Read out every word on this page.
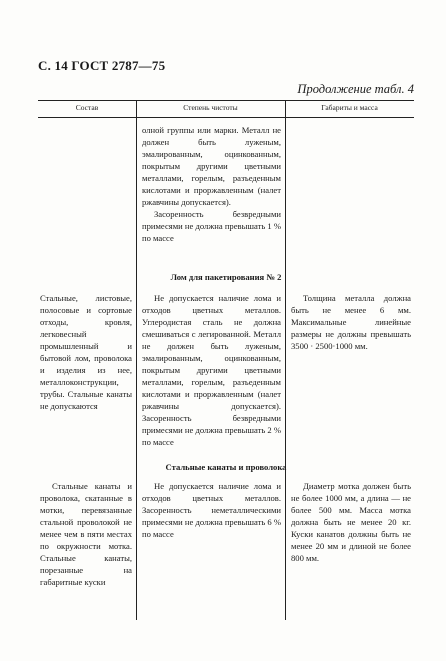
С. 14 ГОСТ 2787—75
Продолжение табл. 4
Состав	Степень чистоты	Габариты и масса

олной группы или марки. Металл не должен быть луженым, эмалированным, оцинкованным, покрытым другими цветными металлами, горелым, разъеденным кислотами и проржавленным (налет ржавчины допускается).

Засоренность безвредными примесями не должна превышать 1 % по массе

Лом для пакетирования № 2
Стальные, листовые, полосовые и сортовые отходы, кровля, легковесный промышленный и бытовой лом, проволока и изделия из нее, металлоконструкции, трубы. Стальные канаты не допускаются
Не допускается наличие лома и отходов цветных металлов. Углеродистая сталь не должна смешиваться с легированной. Металл не должен быть луженым, эмалированным, оцинкованным, покрытым другими цветными металлами, горелым, разъеденным кислотами и проржавленным (налет ржавчины допускается). Засоренность безвредными примесями не должна превышать 2 % по массе
Толщина металла должна быть не менее 6 мм. Максимальные линейные размеры не должны превышать 3500 · 2500·1000 мм.
Стальные канаты и проволока
Стальные канаты и проволока, скатанные в мотки, перевязанные стальной проволокой не менее чем в пяти местах по окружности мотка. Стальные канаты, порезанные на габаритные куски
Не допускается наличие лома и отходов цветных металлов. Засоренность неметаллическими примесями не должна превышать 6 % по массе
Диаметр мотка должен быть не более 1000 мм, а длина — не более 500 мм. Масса мотка должна быть не менее 20 кг. Куски канатов должны быть не менее 20 мм и длиной не более 800 мм.
